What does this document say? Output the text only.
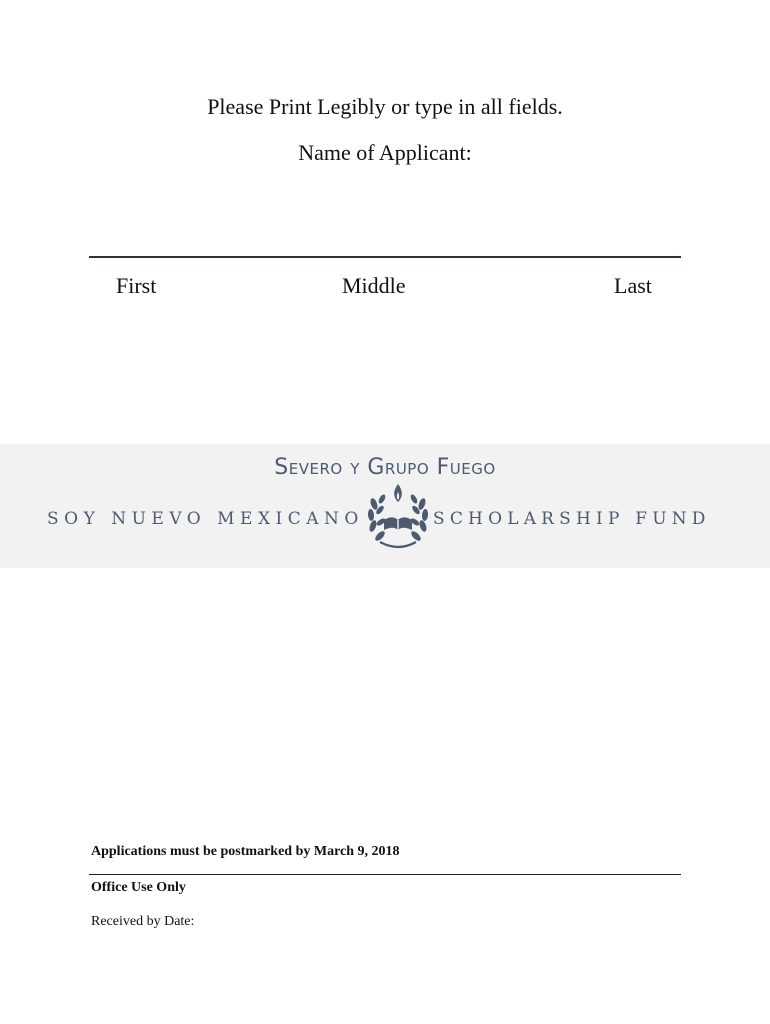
Please Print Legibly or type in all fields.
Name of Applicant:
First	Middle	Last
Severo y Grupo Fuego
SOY NUEVO MEXICANO	SCHOLARSHIP FUND
Applications must be postmarked by March 9, 2018
Office Use Only
Received by Date:
